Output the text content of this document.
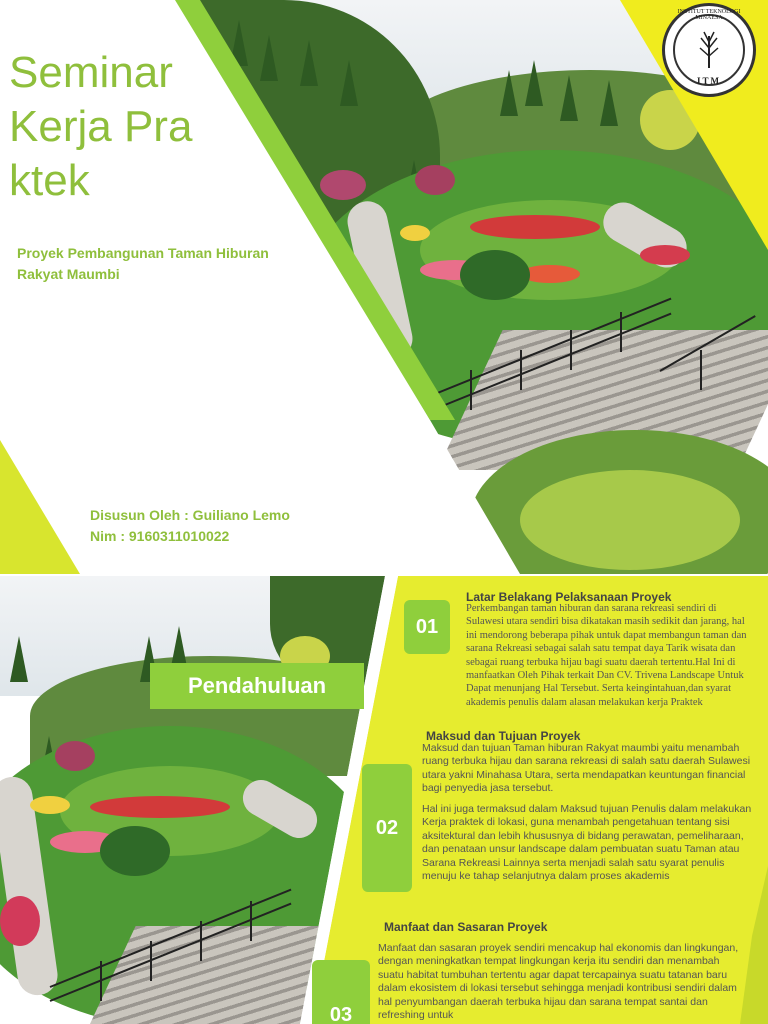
INSTITUT TEKNOLOGI MINAESA
ITM
Seminar Kerja Pra ktek
Proyek Pembangunan Taman Hiburan Rakyat Maumbi
Disusun Oleh : Guiliano Lemo
Nim : 9160311010022
Pendahuluan
01
Latar Belakang Pelaksanaan Proyek
Perkembangan taman hiburan dan sarana rekreasi sendiri di Sulawesi utara sendiri bisa dikatakan masih sedikit dan jarang, hal ini mendorong beberapa pihak untuk dapat membangun taman dan sarana Rekreasi sebagai salah satu tempat daya Tarik wisata dan sebagai ruang terbuka hijau bagi suatu daerah tertentu.Hal Ini di manfaatkan Oleh Pihak terkait Dan CV. Trivena Landscape Untuk Dapat menunjang Hal Tersebut. Serta keingintahuan,dan syarat akademis penulis dalam alasan melakukan kerja Praktek
02
Maksud dan Tujuan Proyek
Maksud dan tujuan Taman hiburan Rakyat maumbi yaitu menambah ruang terbuka hijau dan sarana rekreasi di salah satu daerah Sulawesi utara yakni Minahasa Utara, serta mendapatkan keuntungan financial bagi penyedia jasa tersebut.
Hal ini juga termaksud dalam Maksud tujuan Penulis dalam melakukan Kerja praktek di lokasi, guna menambah pengetahuan tentang sisi aksitektural dan lebih khususnya di bidang perawatan, pemeliharaan, dan penataan unsur landscape dalam pembuatan suatu Taman atau Sarana Rekreasi Lainnya serta menjadi salah satu syarat penulis menuju ke tahap selanjutnya dalam proses akademis
Manfaat dan Sasaran Proyek
03
Manfaat dan sasaran proyek sendiri mencakup hal ekonomis dan lingkungan, dengan meningkatkan tempat lingkungan kerja itu sendiri dan menambah suatu habitat tumbuhan tertentu agar dapat tercapainya suatu tatanan baru dalam ekosistem di lokasi tersebut sehingga menjadi kontribusi sendiri dalam hal penyumbangan daerah terbuka hijau dan sarana tempat santai dan refreshing untuk
